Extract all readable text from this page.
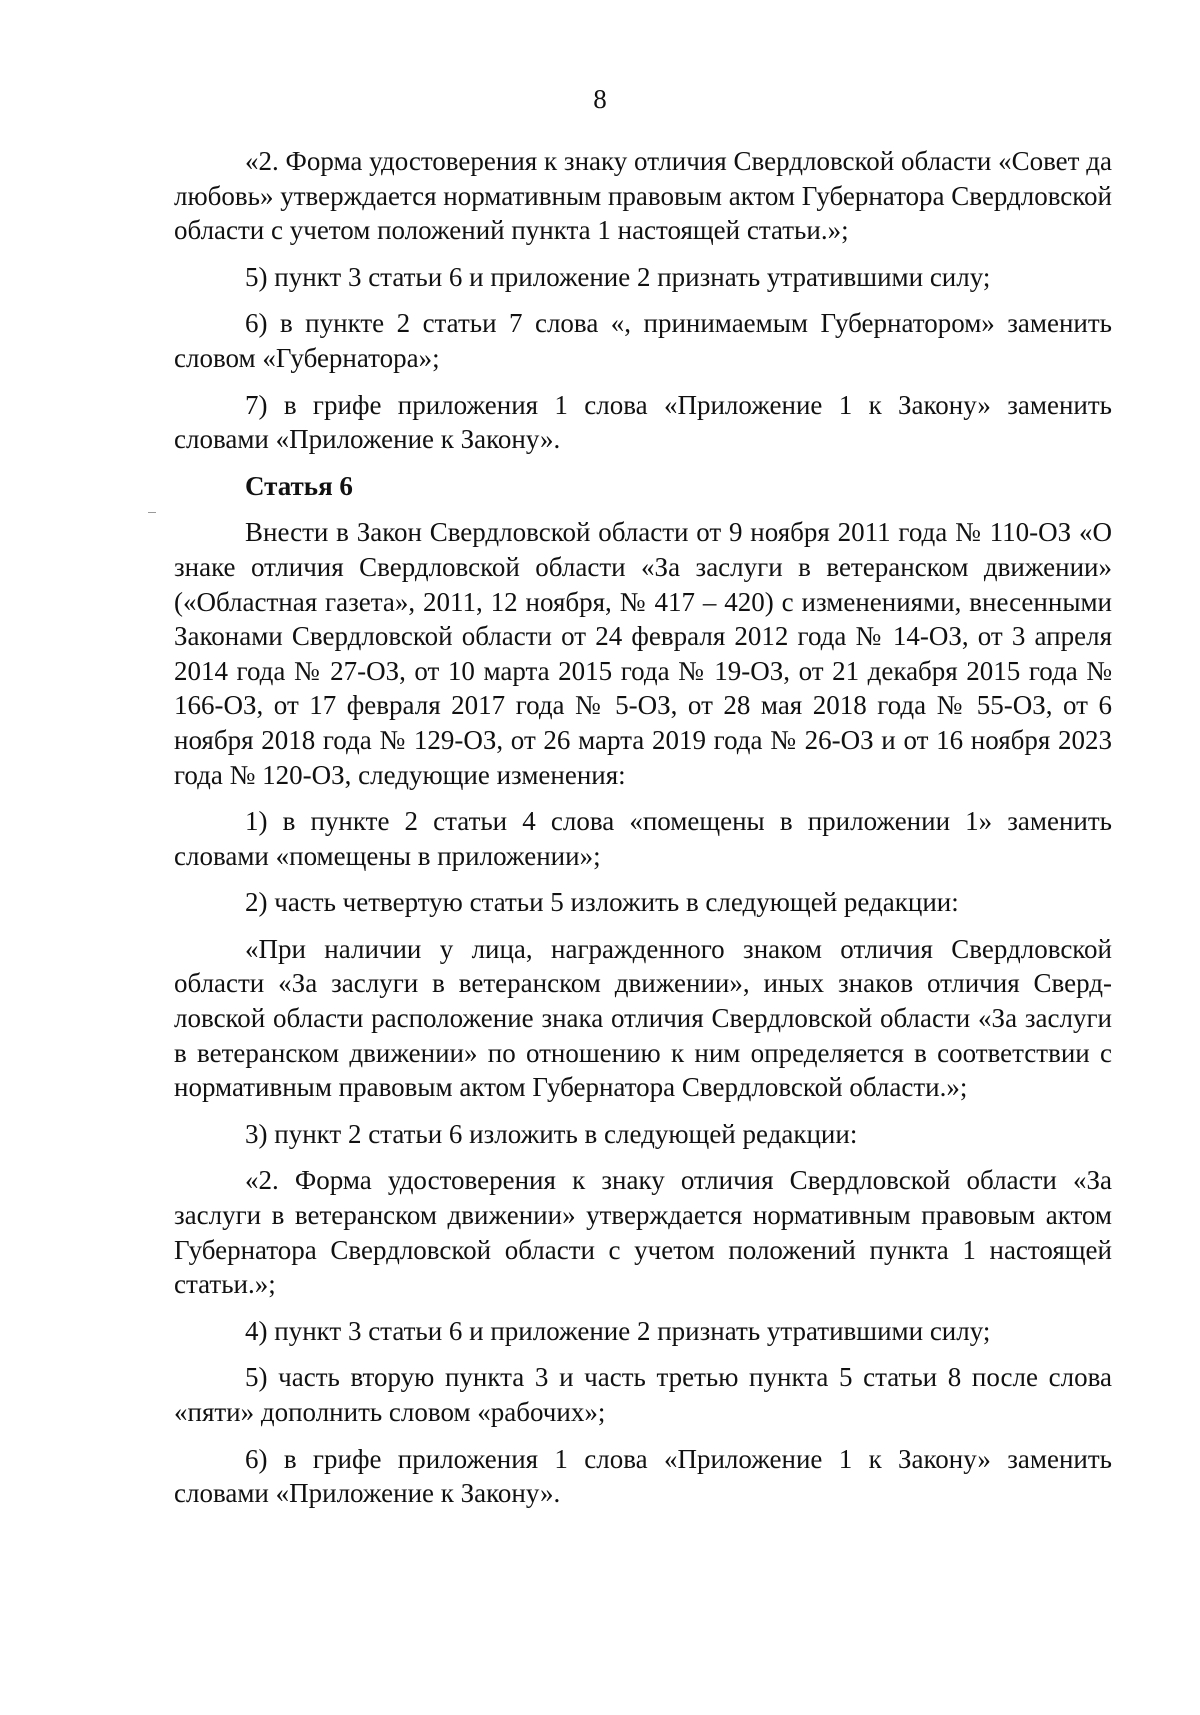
8

«2. Форма удостоверения к знаку отличия Свердловской области «Совет да любовь» утверждается нормативным правовым актом Губернатора Свердловской области с учетом положений пункта 1 настоящей статьи.»;

5) пункт 3 статьи 6 и приложение 2 признать утратившими силу;

6) в пункте 2 статьи 7 слова «, принимаемым Губернатором» заменить словом «Губернатора»;

7) в грифе приложения 1 слова «Приложение 1 к Закону» заменить словами «Приложение к Закону».

Статья 6

Внести в Закон Свердловской области от 9 ноября 2011 года № 110-ОЗ «О знаке отличия Свердловской области «За заслуги в ветеранском движении» («Областная газета», 2011, 12 ноября, № 417 – 420) с изменениями, внесенными Законами Свердловской области от 24 февраля 2012 года № 14-ОЗ, от 3 апреля 2014 года № 27-ОЗ, от 10 марта 2015 года № 19-ОЗ, от 21 декабря 2015 года № 166-ОЗ, от 17 февраля 2017 года № 5-ОЗ, от 28 мая 2018 года № 55-ОЗ, от 6 ноября 2018 года № 129-ОЗ, от 26 марта 2019 года № 26-ОЗ и от 16 ноября 2023 года № 120-ОЗ, следующие изменения:

1) в пункте 2 статьи 4 слова «помещены в приложении 1» заменить словами «помещены в приложении»;

2) часть четвертую статьи 5 изложить в следующей редакции:

«При наличии у лица, награжденного знаком отличия Свердловской области «За заслуги в ветеранском движении», иных знаков отличия Свердловской области расположение знака отличия Свердловской области «За заслуги в ветеранском движении» по отношению к ним определяется в соответствии с нормативным правовым актом Губернатора Свердловской области.»;

3) пункт 2 статьи 6 изложить в следующей редакции:

«2. Форма удостоверения к знаку отличия Свердловской области «За заслуги в ветеранском движении» утверждается нормативным правовым актом Губернатора Свердловской области с учетом положений пункта 1 настоящей статьи.»;

4) пункт 3 статьи 6 и приложение 2 признать утратившими силу;

5) часть вторую пункта 3 и часть третью пункта 5 статьи 8 после слова «пяти» дополнить словом «рабочих»;

6) в грифе приложения 1 слова «Приложение 1 к Закону» заменить словами «Приложение к Закону».
